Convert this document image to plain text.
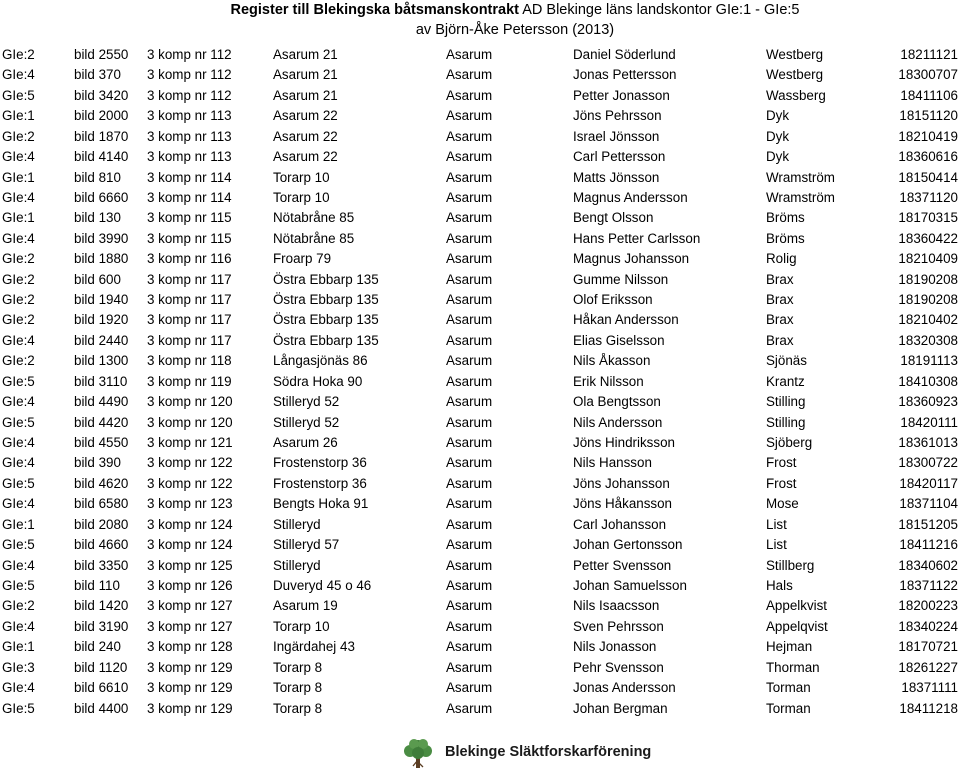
Register till Blekingska båtsmanskontrakt AD Blekinge läns landskontor GIe:1 - GIe:5
av Björn-Åke Petersson (2013)
GIe:2	bild 2550 3 komp nr 112	Asarum 21	Asarum	Daniel Söderlund	Westberg	18211121
GIe:4	bild 370 3 komp nr 112	Asarum 21	Asarum	Jonas Pettersson	Westberg	18300707
GIe:5	bild 3420 3 komp nr 112	Asarum 21	Asarum	Petter Jonasson	Wassberg	18411106
GIe:1	bild 2000 3 komp nr 113	Asarum 22	Asarum	Jöns Pehrsson	Dyk	18151120
GIe:2	bild 1870 3 komp nr 113	Asarum 22	Asarum	Israel Jönsson	Dyk	18210419
GIe:4	bild 4140 3 komp nr 113	Asarum 22	Asarum	Carl Pettersson	Dyk	18360616
GIe:1	bild 810 3 komp nr 114	Torarp 10	Asarum	Matts Jönsson	Wramström	18150414
GIe:4	bild 6660 3 komp nr 114	Torarp 10	Asarum	Magnus Andersson	Wramström	18371120
GIe:1	bild 130 3 komp nr 115	Nötabråne 85	Asarum	Bengt Olsson	Bröms	18170315
GIe:4	bild 3990 3 komp nr 115	Nötabråne 85	Asarum	Hans Petter Carlsson	Bröms	18360422
GIe:2	bild 1880 3 komp nr 116	Froarp 79	Asarum	Magnus Johansson	Rolig	18210409
GIe:2	bild 600 3 komp nr 117	Östra Ebbarp 135	Asarum	Gumme Nilsson	Brax	18190208
GIe:2	bild 1940 3 komp nr 117	Östra Ebbarp 135	Asarum	Olof Eriksson	Brax	18190208
GIe:2	bild 1920 3 komp nr 117	Östra Ebbarp 135	Asarum	Håkan Andersson	Brax	18210402
GIe:4	bild 2440 3 komp nr 117	Östra Ebbarp 135	Asarum	Elias Giselsson	Brax	18320308
GIe:2	bild 1300 3 komp nr 118	Långasjönäs 86	Asarum	Nils Åkasson	Sjönäs	18191113
GIe:5	bild 3110 3 komp nr 119	Södra Hoka 90	Asarum	Erik Nilsson	Krantz	18410308
GIe:4	bild 4490 3 komp nr 120	Stilleryd 52	Asarum	Ola Bengtsson	Stilling	18360923
GIe:5	bild 4420 3 komp nr 120	Stilleryd 52	Asarum	Nils Andersson	Stilling	18420111
GIe:4	bild 4550 3 komp nr 121	Asarum 26	Asarum	Jöns Hindriksson	Sjöberg	18361013
GIe:4	bild 390 3 komp nr 122	Frostenstorp 36	Asarum	Nils Hansson	Frost	18300722
GIe:5	bild 4620 3 komp nr 122	Frostenstorp 36	Asarum	Jöns Johansson	Frost	18420117
GIe:4	bild 6580 3 komp nr 123	Bengts Hoka 91	Asarum	Jöns Håkansson	Mose	18371104
GIe:1	bild 2080 3 komp nr 124	Stilleryd	Asarum	Carl Johansson	List	18151205
GIe:5	bild 4660 3 komp nr 124	Stilleryd 57	Asarum	Johan Gertonsson	List	18411216
GIe:4	bild 3350 3 komp nr 125	Stilleryd	Asarum	Petter Svensson	Stillberg	18340602
GIe:5	bild 110 3 komp nr 126	Duveryd 45 o 46	Asarum	Johan Samuelsson	Hals	18371122
GIe:2	bild 1420 3 komp nr 127	Asarum 19	Asarum	Nils Isaacsson	Appelkvist	18200223
GIe:4	bild 3190 3 komp nr 127	Torarp 10	Asarum	Sven Pehrsson	Appelqvist	18340224
GIe:1	bild 240 3 komp nr 128	Ingärdahej 43	Asarum	Nils Jonasson	Hejman	18170721
GIe:3	bild 1120 3 komp nr 129	Torarp 8	Asarum	Pehr Svensson	Thorman	18261227
GIe:4	bild 6610 3 komp nr 129	Torarp 8	Asarum	Jonas Andersson	Torman	18371111
GIe:5	bild 4400 3 komp nr 129	Torarp 8	Asarum	Johan Bergman	Torman	18411218
Blekinge Släktforskarförening
